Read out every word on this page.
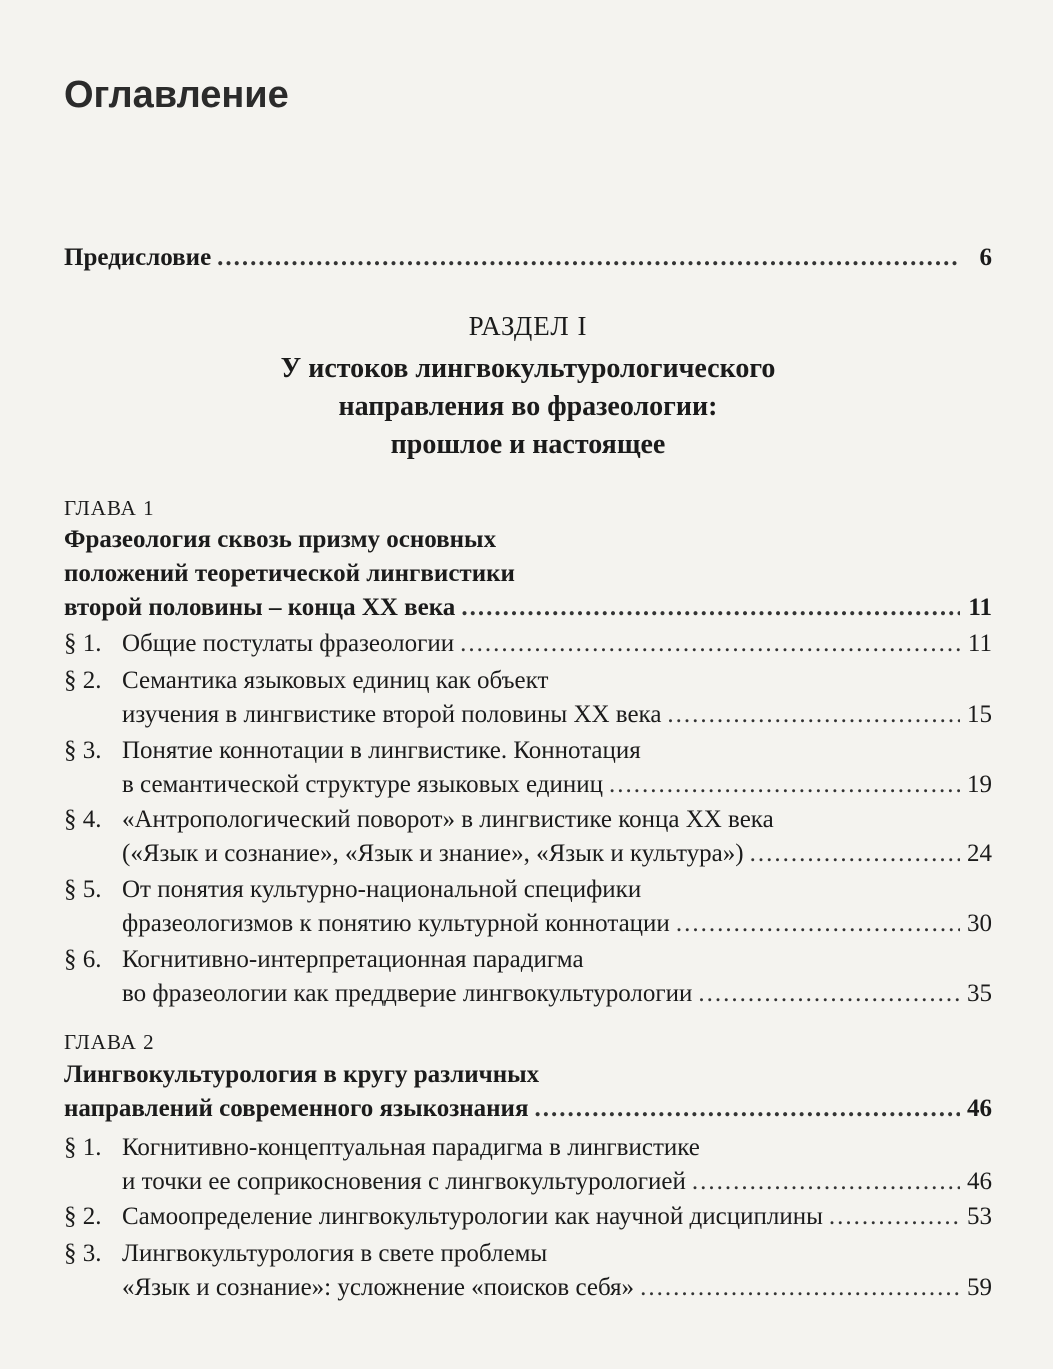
Оглавление
Предисловие .....	6
РАЗДЕЛ I
У истоков лингвокультурологического
направления во фразеологии:
прошлое и настоящее
ГЛАВА 1
Фразеология сквозь призму основных
положений теоретической лингвистики
второй половины – конца XX века .....	11
§ 1. Общие постулаты фразеологии .....	11
§ 2. Семантика языковых единиц как объект
изучения в лингвистике второй половины XX века .....	15
§ 3. Понятие коннотации в лингвистике. Коннотация
в семантической структуре языковых единиц .....	19
§ 4. «Антропологический поворот» в лингвистике конца XX века
(«Язык и сознание», «Язык и знание», «Язык и культура») .....	24
§ 5. От понятия культурно-национальной специфики
фразеологизмов к понятию культурной коннотации .....	30
§ 6. Когнитивно-интерпретационная парадигма
во фразеологии как преддверие лингвокультурологии .....	35
ГЛАВА 2
Лингвокультурология в кругу различных
направлений современного языкознания .....	46
§ 1. Когнитивно-концептуальная парадигма в лингвистике
и точки ее соприкосновения с лингвокультурологией .....	46
§ 2. Самоопределение лингвокультурологии как научной дисциплины .....	53
§ 3. Лингвокультурология в свете проблемы
«Язык и сознание»: усложнение «поисков себя» .....	59
